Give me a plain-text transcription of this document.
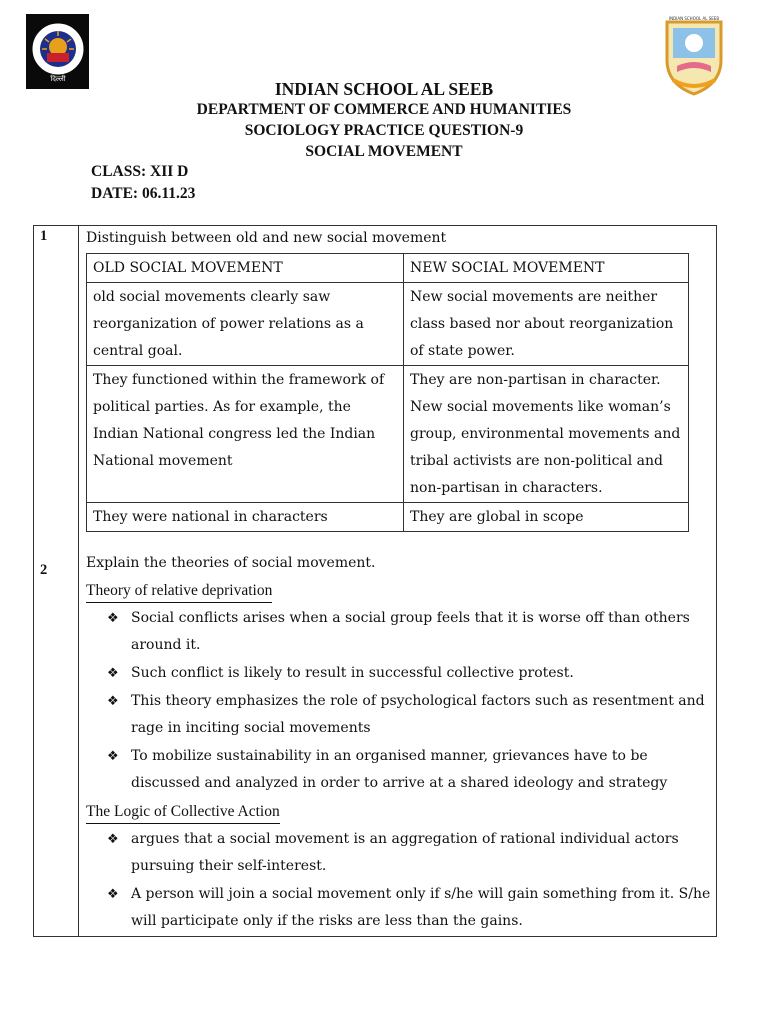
दिल्ली
INDIAN SCHOOL AL SEEB
INDIAN SCHOOL AL SEEB
DEPARTMENT OF COMMERCE AND HUMANITIES
SOCIOLOGY PRACTICE QUESTION-9
SOCIAL MOVEMENT
CLASS: XII D
DATE: 06.11.23
1	Distinguish between old and new social movement
OLD SOCIAL MOVEMENT	NEW SOCIAL MOVEMENT
old social movements clearly saw reorganization of power relations as a central goal.	New social movements are neither class based nor about reorganization of state power.
They functioned within the framework of political parties. As for example, the Indian National congress led the Indian National movement	They are non-partisan in character. New social movements like woman’s group, environmental movements and tribal activists are non-political and non-partisan in characters.
They were national in characters	They are global in scope
2	Explain the theories of social movement.
Theory of relative deprivation
❖ Social conflicts arises when a social group feels that it is worse off than others around it.
❖ Such conflict is likely to result in successful collective protest.
❖ This theory emphasizes the role of psychological factors such as resentment and rage in inciting social movements
❖ To mobilize sustainability in an organised manner, grievances have to be discussed and analyzed in order to arrive at a shared ideology and strategy
The Logic of Collective Action
❖ argues that a social movement is an aggregation of rational individual actors pursuing their self-interest.
❖ A person will join a social movement only if s/he will gain something from it. S/he will participate only if the risks are less than the gains.
